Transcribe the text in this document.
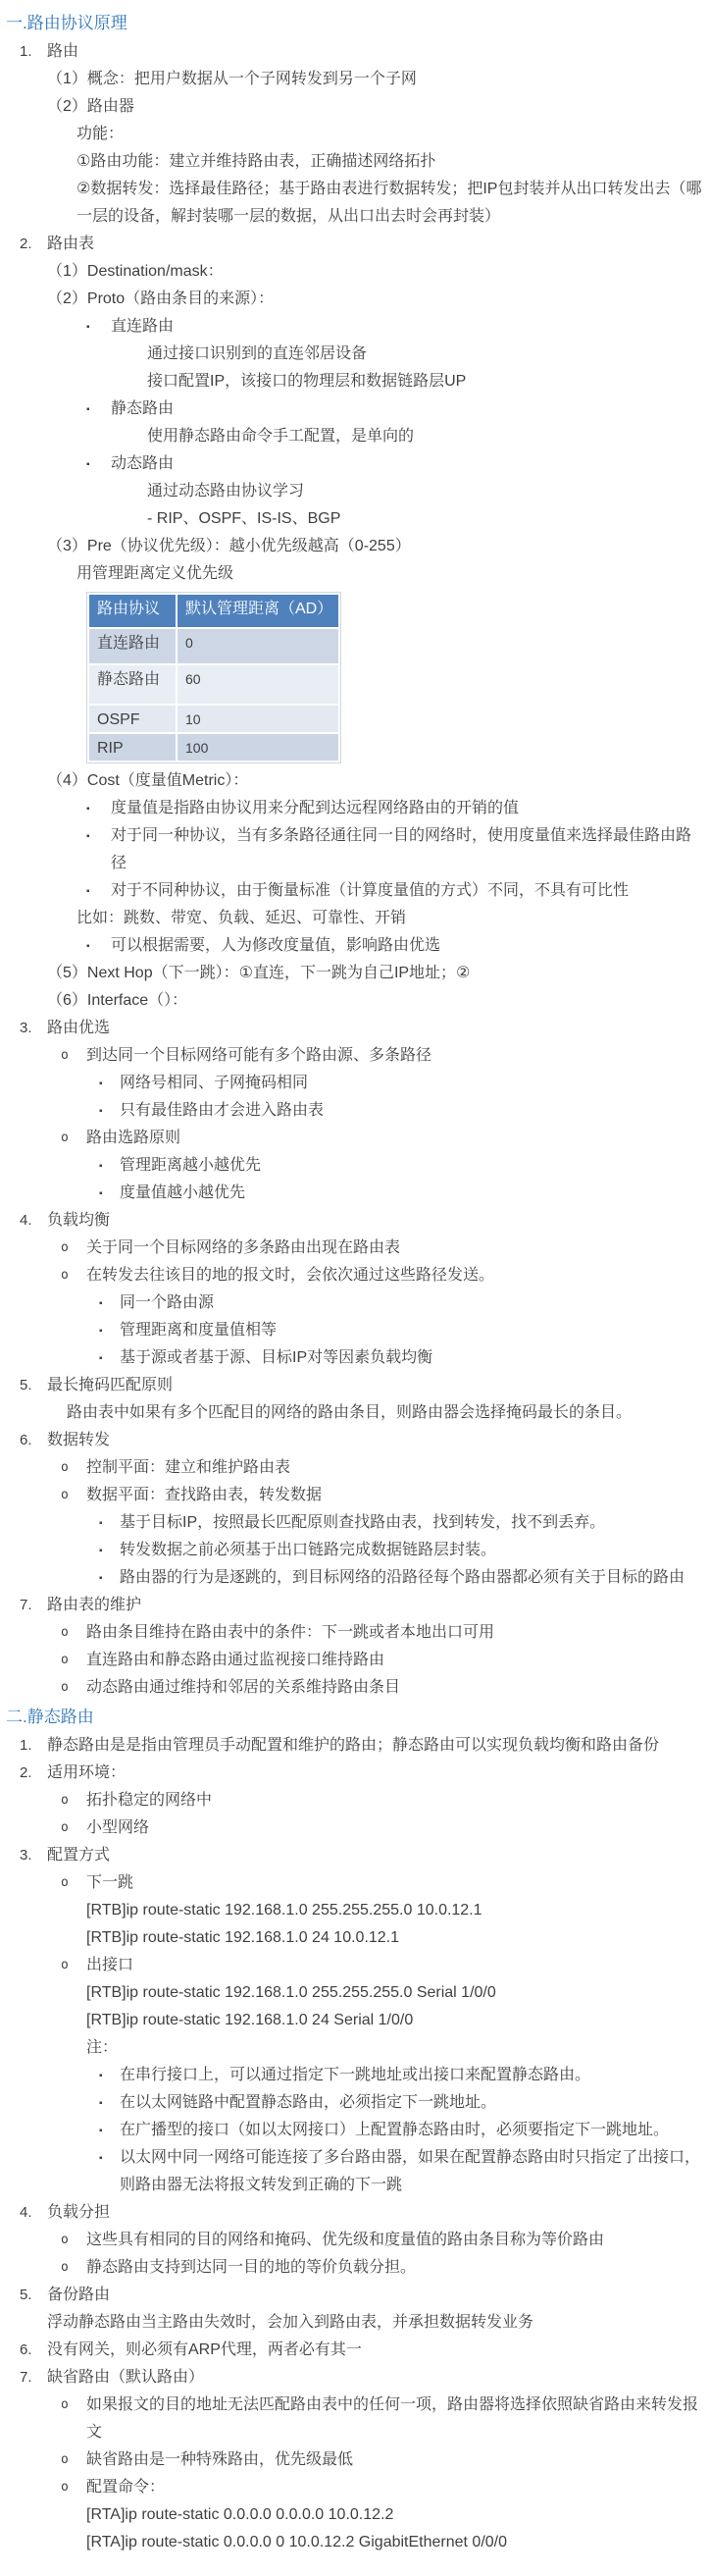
一.路由协议原理
1. 路由
（1）概念：把用户数据从一个子网转发到另一个子网
（2）路由器
功能：
①路由功能：建立并维持路由表，正确描述网络拓扑
②数据转发：选择最佳路径；基于路由表进行数据转发；把IP包封装并从出口转发出去（哪一层的设备，解封装哪一层的数据，从出口出去时会再封装）
2. 路由表
（1）Destination/mask：
（2）Proto（路由条目的来源）：
▪ 直连路由
通过接口识别到的直连邻居设备
接口配置IP，该接口的物理层和数据链路层UP
▪ 静态路由
使用静态路由命令手工配置，是单向的
▪ 动态路由
通过动态路由协议学习
- RIP、OSPF、IS-IS、BGP
（3）Pre（协议优先级）：越小优先级越高（0-255）
用管理距离定义优先级
路由协议	默认管理距离（AD）
直连路由	0
静态路由	60
OSPF	10
RIP	100
（4）Cost（度量值Metric）：
▪ 度量值是指路由协议用来分配到达远程网络路由的开销的值
▪ 对于同一种协议，当有多条路径通往同一目的网络时，使用度量值来选择最佳路由路径
▪ 对于不同种协议，由于衡量标准（计算度量值的方式）不同，不具有可比性
比如：跳数、带宽、负载、延迟、可靠性、开销
▪ 可以根据需要，人为修改度量值，影响路由优选
（5）Next Hop（下一跳）：①直连，下一跳为自己IP地址；②
（6）Interface（）：
3. 路由优选
o 到达同一个目标网络可能有多个路由源、多条路径
▪ 网络号相同、子网掩码相同
▪ 只有最佳路由才会进入路由表
o 路由选路原则
▪ 管理距离越小越优先
▪ 度量值越小越优先
4. 负载均衡
o 关于同一个目标网络的多条路由出现在路由表
o 在转发去往该目的地的报文时，会依次通过这些路径发送。
▪ 同一个路由源
▪ 管理距离和度量值相等
▪ 基于源或者基于源、目标IP对等因素负载均衡
5. 最长掩码匹配原则
路由表中如果有多个匹配目的网络的路由条目，则路由器会选择掩码最长的条目。
6. 数据转发
o 控制平面：建立和维护路由表
o 数据平面：查找路由表，转发数据
▪ 基于目标IP，按照最长匹配原则查找路由表，找到转发，找不到丢弃。
▪ 转发数据之前必须基于出口链路完成数据链路层封装。
▪ 路由器的行为是逐跳的，到目标网络的沿路径每个路由器都必须有关于目标的路由
7. 路由表的维护
o 路由条目维持在路由表中的条件：下一跳或者本地出口可用
o 直连路由和静态路由通过监视接口维持路由
o 动态路由通过维持和邻居的关系维持路由条目
二.静态路由
1. 静态路由是是指由管理员手动配置和维护的路由；静态路由可以实现负载均衡和路由备份
2. 适用环境：
o 拓扑稳定的网络中
o 小型网络
3. 配置方式
o 下一跳
[RTB]ip route-static 192.168.1.0 255.255.255.0 10.0.12.1
[RTB]ip route-static 192.168.1.0 24 10.0.12.1
o 出接口
[RTB]ip route-static 192.168.1.0 255.255.255.0 Serial 1/0/0
[RTB]ip route-static 192.168.1.0 24 Serial 1/0/0
注：
▪ 在串行接口上，可以通过指定下一跳地址或出接口来配置静态路由。
▪ 在以太网链路中配置静态路由，必须指定下一跳地址。
▪ 在广播型的接口（如以太网接口）上配置静态路由时，必须要指定下一跳地址。
▪ 以太网中同一网络可能连接了多台路由器，如果在配置静态路由时只指定了出接口，则路由器无法将报文转发到正确的下一跳
4. 负载分担
o 这些具有相同的目的网络和掩码、优先级和度量值的路由条目称为等价路由
o 静态路由支持到达同一目的地的等价负载分担。
5. 备份路由
浮动静态路由当主路由失效时，会加入到路由表，并承担数据转发业务
6. 没有网关，则必须有ARP代理，两者必有其一
7. 缺省路由（默认路由）
o 如果报文的目的地址无法匹配路由表中的任何一项，路由器将选择依照缺省路由来转发报文
o 缺省路由是一种特殊路由，优先级最低
o 配置命令：
[RTA]ip route-static 0.0.0.0 0.0.0.0 10.0.12.2
[RTA]ip route-static 0.0.0.0 0 10.0.12.2 GigabitEthernet 0/0/0
